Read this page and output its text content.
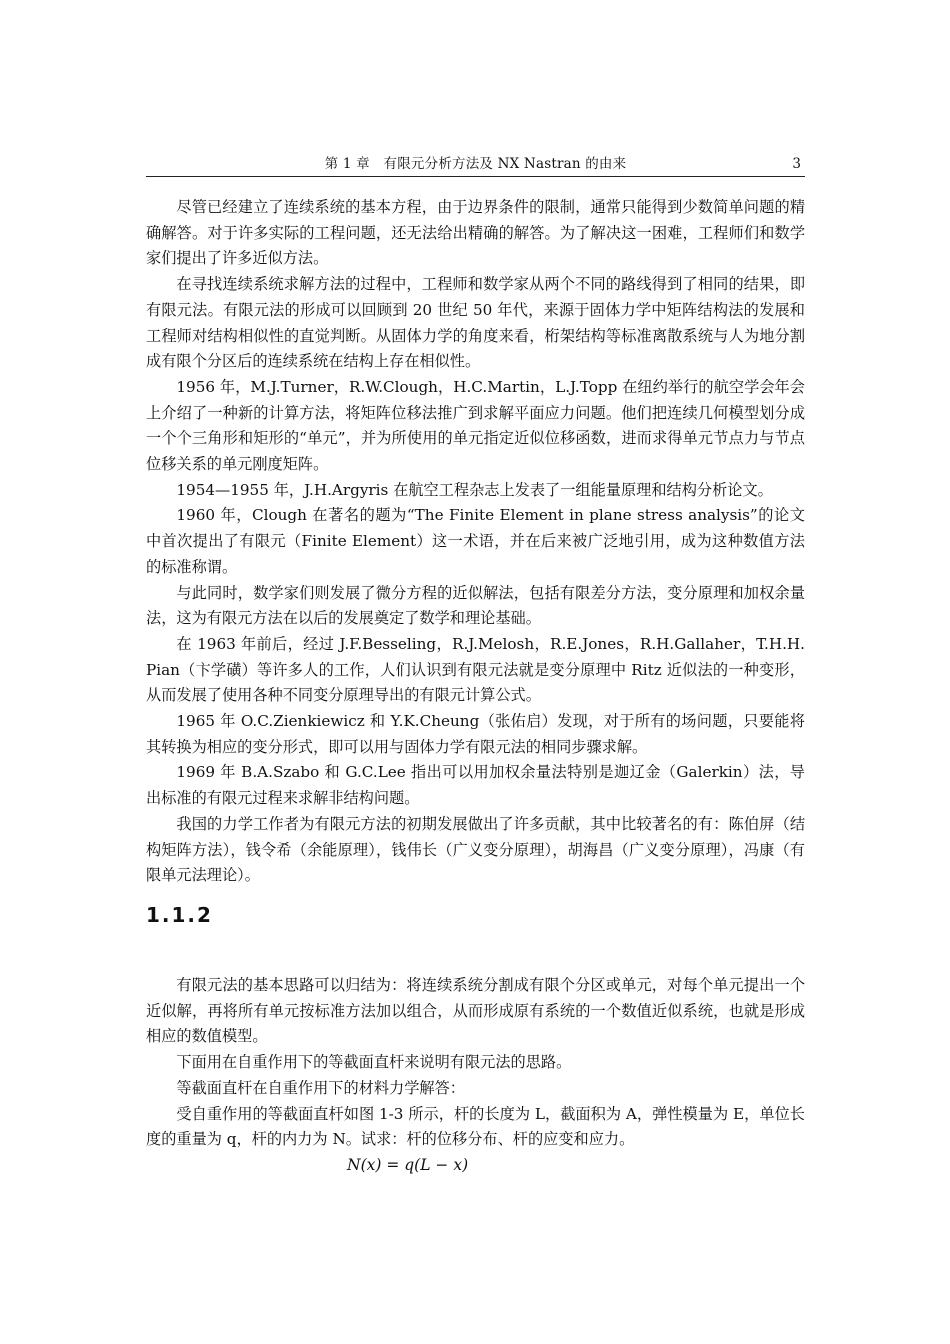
第 1 章　有限元分析方法及 NX Nastran 的由来	3

尽管已经建立了连续系统的基本方程，由于边界条件的限制，通常只能得到少数简单问题的精确解答。对于许多实际的工程问题，还无法给出精确的解答。为了解决这一困难，工程师们和数学家们提出了许多近似方法。

在寻找连续系统求解方法的过程中，工程师和数学家从两个不同的路线得到了相同的结果，即有限元法。有限元法的形成可以回顾到 20 世纪 50 年代，来源于固体力学中矩阵结构法的发展和工程师对结构相似性的直觉判断。从固体力学的角度来看，桁架结构等标准离散系统与人为地分割成有限个分区后的连续系统在结构上存在相似性。

1956 年，M.J.Turner，R.W.Clough，H.C.Martin，L.J.Topp 在纽约举行的航空学会年会上介绍了一种新的计算方法，将矩阵位移法推广到求解平面应力问题。他们把连续几何模型划分成一个个三角形和矩形的“单元”，并为所使用的单元指定近似位移函数，进而求得单元节点力与节点位移关系的单元刚度矩阵。

1954—1955 年，J.H.Argyris 在航空工程杂志上发表了一组能量原理和结构分析论文。

1960 年，Clough 在著名的题为“The Finite Element in plane stress analysis”的论文中首次提出了有限元（Finite Element）这一术语，并在后来被广泛地引用，成为这种数值方法的标准称谓。

与此同时，数学家们则发展了微分方程的近似解法，包括有限差分方法，变分原理和加权余量法，这为有限元方法在以后的发展奠定了数学和理论基础。

在 1963 年前后，经过 J.F.Besseling，R.J.Melosh，R.E.Jones，R.H.Gallaher，T.H.H.Pian（卞学磺）等许多人的工作，人们认识到有限元法就是变分原理中 Ritz 近似法的一种变形，从而发展了使用各种不同变分原理导出的有限元计算公式。

1965 年 O.C.Zienkiewicz 和 Y.K.Cheung（张佑启）发现，对于所有的场问题，只要能将其转换为相应的变分形式，即可以用与固体力学有限元法的相同步骤求解。

1969 年 B.A.Szabo 和 G.C.Lee 指出可以用加权余量法特别是迦辽金（Galerkin）法，导出标准的有限元过程来求解非结构问题。

我国的力学工作者为有限元方法的初期发展做出了许多贡献，其中比较著名的有：陈伯屏（结构矩阵方法），钱令希（余能原理），钱伟长（广义变分原理），胡海昌（广义变分原理），冯康（有限单元法理论）。

1.1.2

有限元法的基本思路可以归结为：将连续系统分割成有限个分区或单元，对每个单元提出一个近似解，再将所有单元按标准方法加以组合，从而形成原有系统的一个数值近似系统，也就是形成相应的数值模型。

下面用在自重作用下的等截面直杆来说明有限元法的思路。

等截面直杆在自重作用下的材料力学解答：

受自重作用的等截面直杆如图 1-3 所示，杆的长度为 L，截面积为 A，弹性模量为 E，单位长度的重量为 q，杆的内力为 N。试求：杆的位移分布、杆的应变和应力。

N(x) = q(L − x)
